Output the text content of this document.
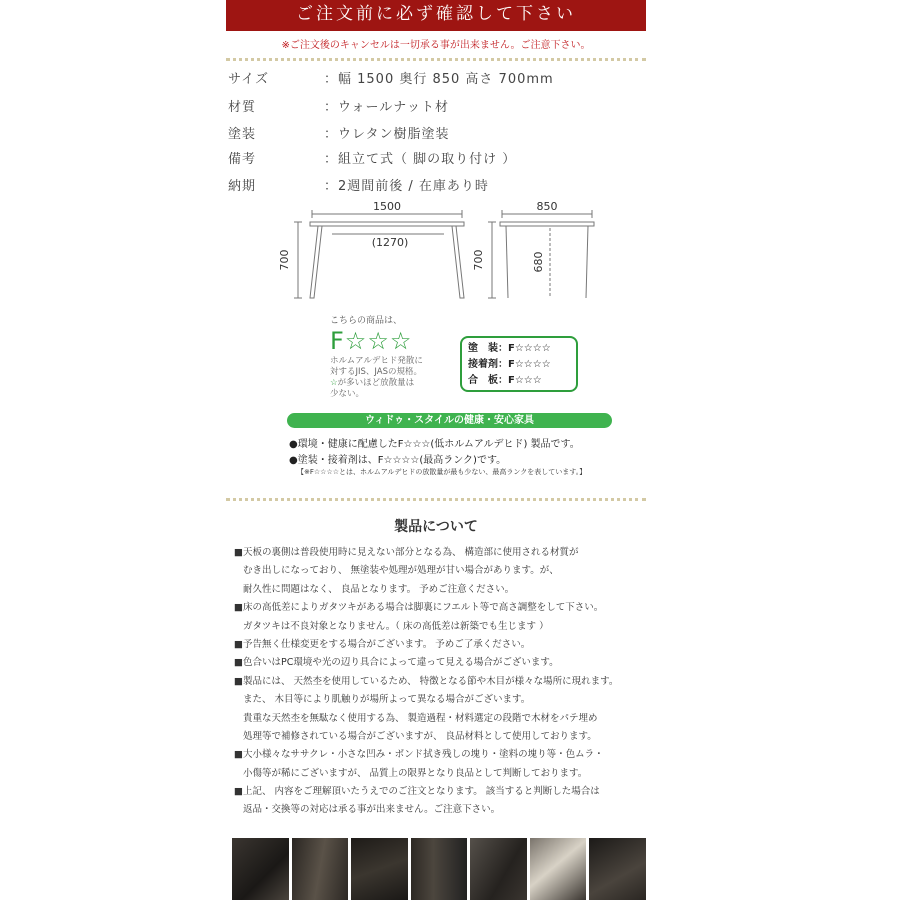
ご注文前に必ず確認して下さい
※ご注文後のキャンセルは一切承る事が出来ません。ご注意下さい。
サイズ	：幅 1500 奥行 850 高さ 700mm
材質	：ウォールナット材
塗装	：ウレタン樹脂塗装
備考	：組立て式（ 脚の取り付け ）
納期	：2週間前後 / 在庫あり時
1500
(1270)
700
850
700	680
こちらの商品は、
F☆☆☆
ホルムアルデヒド発散に
対するJIS、JASの規格。
☆が多いほど放散量は
少ない。
塗　装：F☆☆☆☆
接着剤：F☆☆☆☆
合　板：F☆☆☆
ウィドゥ・スタイルの健康・安心家具
●環境・健康に配慮したF☆☆☆(低ホルムアルデヒド) 製品です。
●塗装・接着剤は、F☆☆☆☆(最高ランク)です。
【※F☆☆☆☆とは、ホルムアルデヒドの放散量が最も少ない、最高ランクを表しています。】
製品について
■天板の裏側は普段使用時に見えない部分となる為、 構造部に使用される材質が
むき出しになっており、 無塗装や処理が処理が甘い場合があります。が、
耐久性に問題はなく、 良品となります。 予めご注意ください。
■床の高低差によりガタツキがある場合は脚裏にフエルト等で高さ調整をして下さい。
ガタツキは不良対象となりません。（ 床の高低差は新築でも生じます ）
■予告無く仕様変更をする場合がございます。 予めご了承ください。
■色合いはPC環境や光の辺り具合によって違って見える場合がございます。
■製品には、 天然杢を使用しているため、 特徴となる節や木目が様々な場所に現れます。
また、 木目等により肌触りが場所よって異なる場合がございます。
貴重な天然杢を無駄なく使用する為、 製造過程・材料選定の段階で木材をパテ埋め
処理等で補修されている場合がございますが、 良品材料として使用しております。
■大小様々なササクレ・小さな凹み・ボンド拭き残しの塊り・塗料の塊り等・色ムラ・
小傷等が稀にございますが、 品質上の限界となり良品として判断しております。
■上記、 内容をご理解頂いたうえでのご注文となります。 該当すると判断した場合は
返品・交換等の対応は承る事が出来ません。ご注意下さい。
